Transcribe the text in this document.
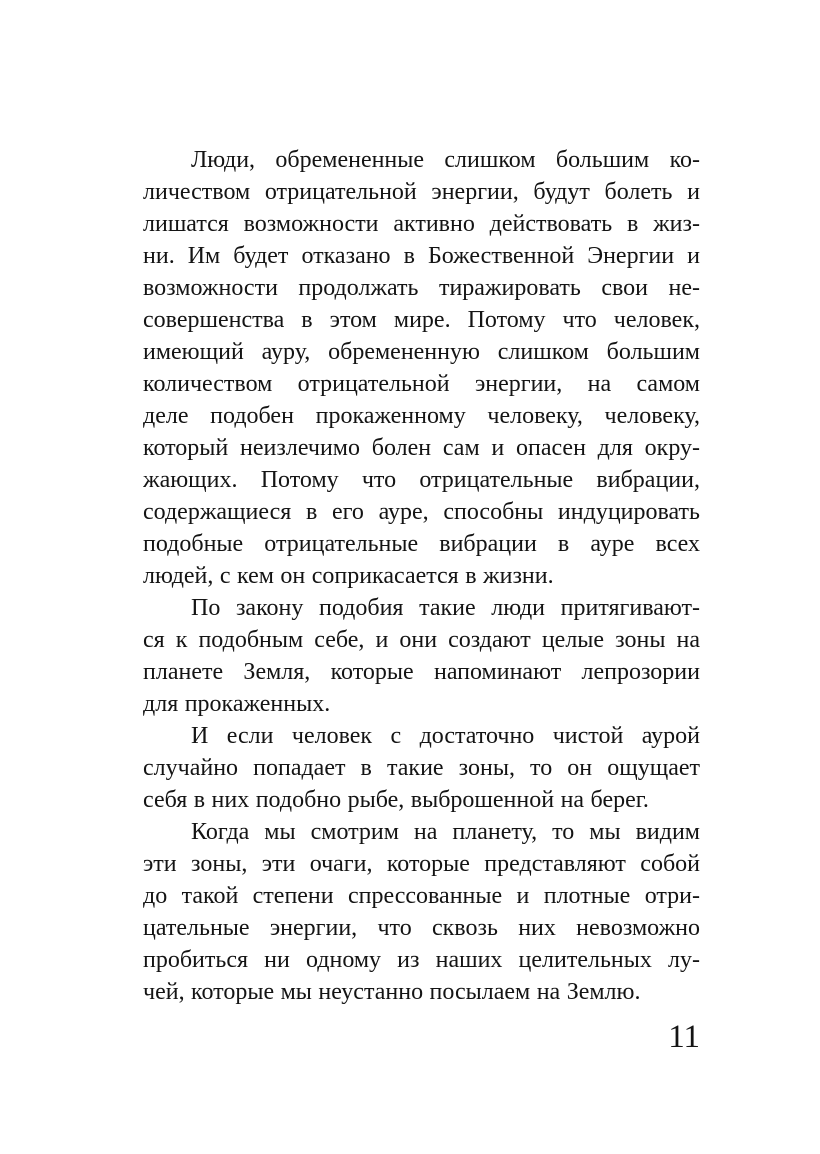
Люди, обремененные слишком большим ко-
личеством отрицательной энергии, будут болеть и
лишатся возможности активно действовать в жиз-
ни. Им будет отказано в Божественной Энергии и
возможности продолжать тиражировать свои не-
совершенства в этом мире. Потому что человек,
имеющий ауру, обремененную слишком большим
количеством отрицательной энергии, на самом
деле подобен прокаженному человеку, человеку,
который неизлечимо болен сам и опасен для окру-
жающих. Потому что отрицательные вибрации,
содержащиеся в его ауре, способны индуцировать
подобные отрицательные вибрации в ауре всех
людей, с кем он соприкасается в жизни.
По закону подобия такие люди притягивают-
ся к подобным себе, и они создают целые зоны на
планете Земля, которые напоминают лепрозории
для прокаженных.
И если человек с достаточно чистой аурой
случайно попадает в такие зоны, то он ощущает
себя в них подобно рыбе, выброшенной на берег.
Когда мы смотрим на планету, то мы видим
эти зоны, эти очаги, которые представляют собой
до такой степени спрессованные и плотные отри-
цательные энергии, что сквозь них невозможно
пробиться ни одному из наших целительных лу-
чей, которые мы неустанно посылаем на Землю.
11
